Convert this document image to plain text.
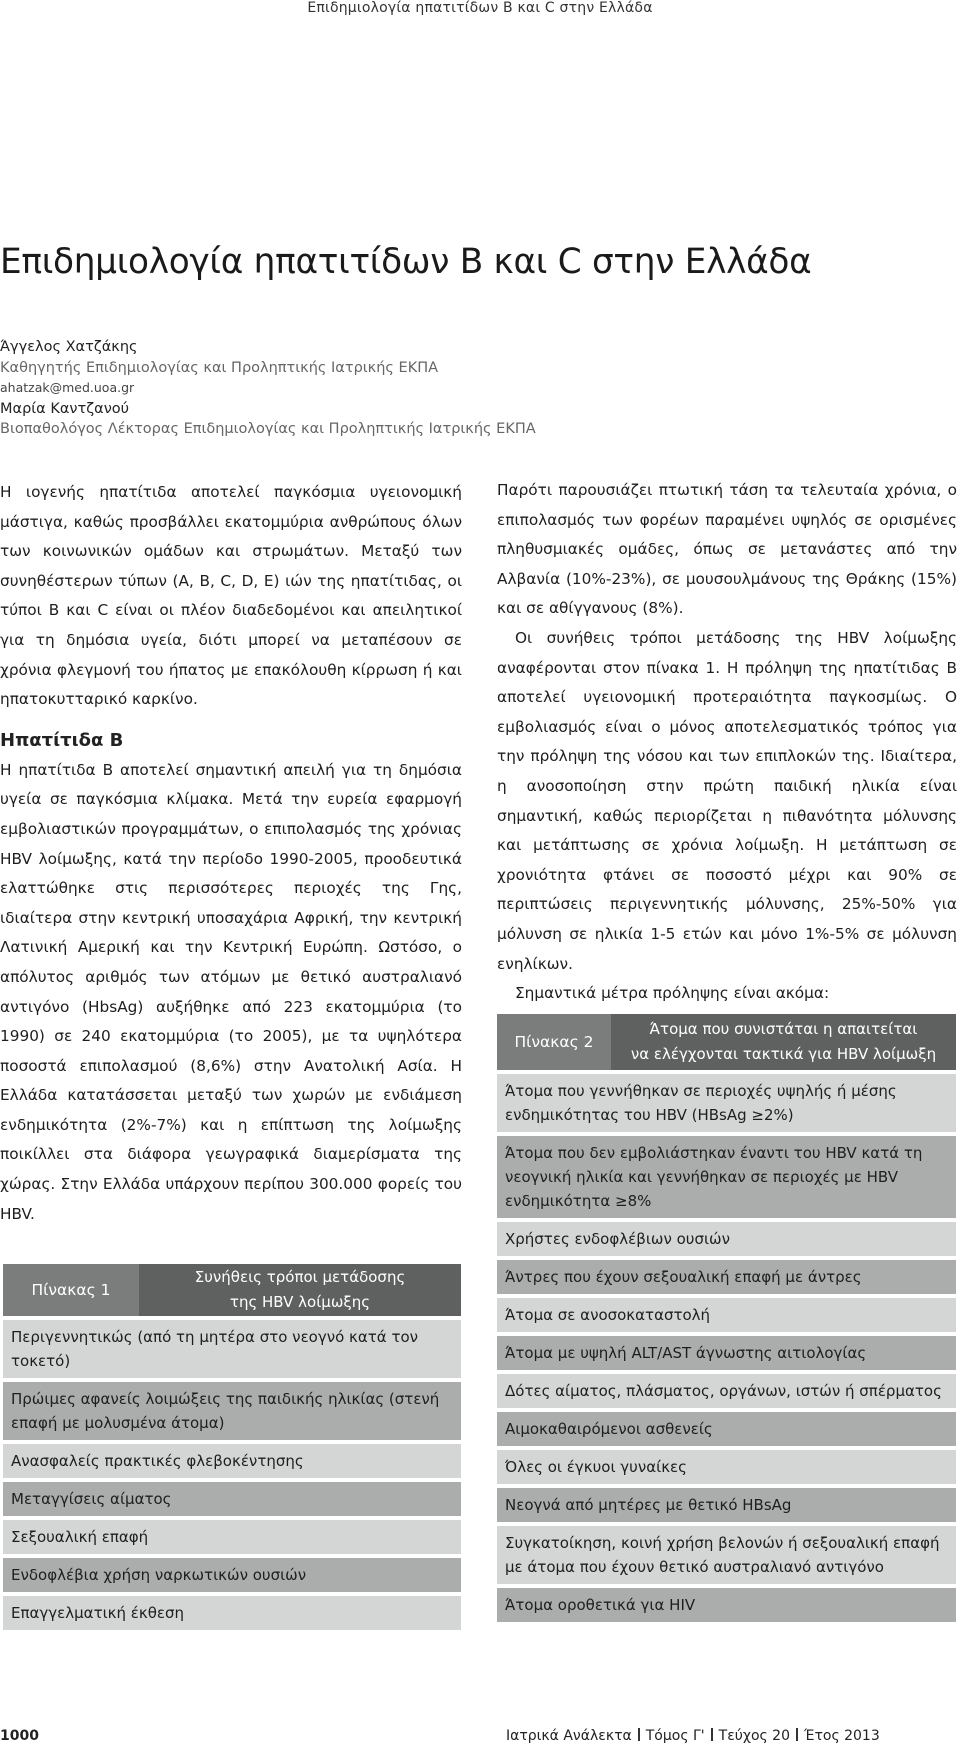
Επιδημιολογία ηπατιτίδων Β και C στην Ελλάδα
Επιδημιολογία ηπατιτίδων Β και C στην Ελλάδα
Άγγελος Χατζάκης
Καθηγητής Επιδημιολογίας και Προληπτικής Ιατρικής ΕΚΠΑ
ahatzak@med.uoa.gr
Μαρία Καντζανού
Βιοπαθολόγος Λέκτορας Επιδημιολογίας και Προληπτικής Ιατρικής ΕΚΠΑ

Η ιογενής ηπατίτιδα αποτελεί παγκόσμια υγειονομική μάστιγα, καθώς προσβάλλει εκατομμύρια ανθρώπους όλων των κοινωνικών ομάδων και στρωμάτων. Μεταξύ των συνηθέστερων τύπων (A, B, C, D, E) ιών της ηπατίτιδας, οι τύποι Β και C είναι οι πλέον διαδεδομένοι και απειλητικοί για τη δημόσια υγεία, διότι μπορεί να μεταπέσουν σε χρόνια φλεγμονή του ήπατος με επακόλουθη κίρρωση ή και ηπατοκυτταρικό καρκίνο.

Ηπατίτιδα Β

Η ηπατίτιδα Β αποτελεί σημαντική απειλή για τη δημόσια υγεία σε παγκόσμια κλίμακα. Μετά την ευρεία εφαρμογή εμβολιαστικών προγραμμάτων, ο επιπολασμός της χρόνιας HBV λοίμωξης, κατά την περίοδο 1990-2005, προοδευτικά ελαττώθηκε στις περισσότερες περιοχές της Γης, ιδιαίτερα στην κεντρική υποσαχάρια Αφρική, την κεντρική Λατινική Αμερική και την Κεντρική Ευρώπη. Ωστόσο, ο απόλυτος αριθμός των ατόμων με θετικό αυστραλιανό αντιγόνο (HbsAg) αυξήθηκε από 223 εκατομμύρια (το 1990) σε 240 εκατομμύρια (το 2005), με τα υψηλότερα ποσοστά επιπολασμού (8,6%) στην Ανατολική Ασία. Η Ελλάδα κατατάσσεται μεταξύ των χωρών με ενδιάμεση ενδημικότητα (2%-7%) και η επίπτωση της λοίμωξης ποικίλλει στα διάφορα γεωγραφικά διαμερίσματα της χώρας. Στην Ελλάδα υπάρχουν περίπου 300.000 φορείς του HBV.

Παρότι παρουσιάζει πτωτική τάση τα τελευταία χρόνια, ο επιπολασμός των φορέων παραμένει υψηλός σε ορισμένες πληθυσμιακές ομάδες, όπως σε μετανάστες από την Αλβανία (10%-23%), σε μουσουλμάνους της Θράκης (15%) και σε αθίγγανους (8%).

Οι συνήθεις τρόποι μετάδοσης της HBV λοίμωξης αναφέρονται στον πίνακα 1. Η πρόληψη της ηπατίτιδας Β αποτελεί υγειονομική προτεραιότητα παγκοσμίως. Ο εμβολιασμός είναι ο μόνος αποτελεσματικός τρόπος για την πρόληψη της νόσου και των επιπλοκών της. Ιδιαίτερα, η ανοσοποίηση στην πρώτη παιδική ηλικία είναι σημαντική, καθώς περιορίζεται η πιθανότητα μόλυνσης και μετάπτωσης σε χρόνια λοίμωξη. Η μετάπτωση σε χρονιότητα φτάνει σε ποσοστό μέχρι και 90% σε περιπτώσεις περιγεννητικής μόλυνσης, 25%-50% για μόλυνση σε ηλικία 1-5 ετών και μόνο 1%-5% σε μόλυνση ενηλίκων.

Σημαντικά μέτρα πρόληψης είναι ακόμα:

Πίνακας 1	
Συνήθεις τρόποι μετάδοσης
της HBV λοίμωξης

Περιγεννητικώς (από τη μητέρα στο νεογνό κατά τον τοκετό)
Πρώιμες αφανείς λοιμώξεις της παιδικής ηλικίας (στενή επαφή με μολυσμένα άτομα)
Ανασφαλείς πρακτικές φλεβοκέντησης
Μεταγγίσεις αίματος
Σεξουαλική επαφή
Ενδοφλέβια χρήση ναρκωτικών ουσιών
Επαγγελματική έκθεση
Πίνακας 2	
Άτομα που συνιστάται η απαιτείται
να ελέγχονται τακτικά για HBV λοίμωξη

Άτομα που γεννήθηκαν σε περιοχές υψηλής ή μέσης ενδημικότητας του HBV (HBsAg ≥2%)
Άτομα που δεν εμβολιάστηκαν έναντι του HBV κατά τη νεογνική ηλικία και γεννήθηκαν σε περιοχές με HBV ενδημικότητα ≥8%
Χρήστες ενδοφλέβιων ουσιών
Άντρες που έχουν σεξουαλική επαφή με άντρες
Άτομα σε ανοσοκαταστολή
Άτομα με υψηλή ALT/AST άγνωστης αιτιολογίας
Δότες αίματος, πλάσματος, οργάνων, ιστών ή σπέρματος
Αιμοκαθαιρόμενοι ασθενείς
Όλες οι έγκυοι γυναίκες
Νεογνά από μητέρες με θετικό HBsAg
Συγκατοίκηση, κοινή χρήση βελονών ή σεξουαλική επαφή με άτομα που έχουν θετικό αυστραλιανό αντιγόνο
Άτομα οροθετικά για HIV
1000	Ιατρικά Ανάλεκτα Τόμος Γ' Τεύχος 20 Έτος 2013
